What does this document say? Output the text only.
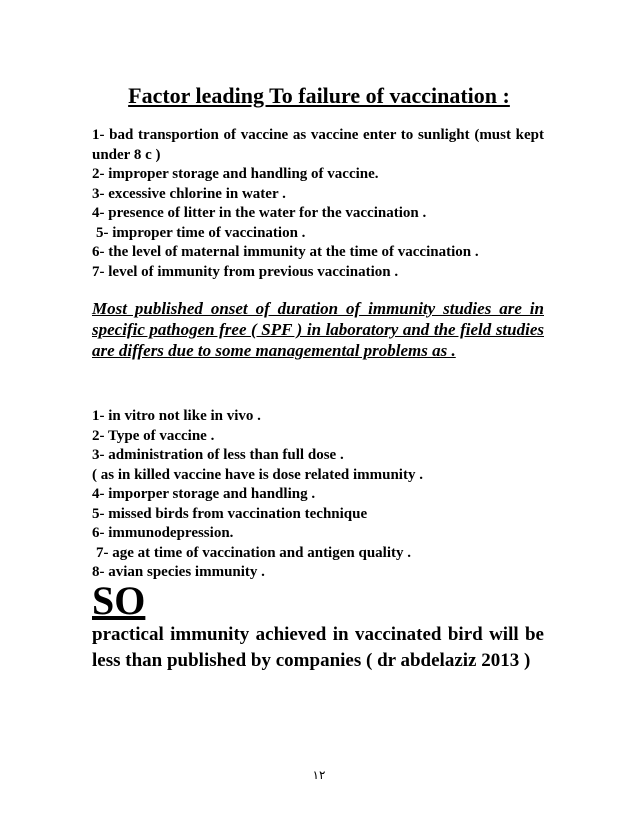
Factor leading To failure of vaccination :
1- bad transportion of vaccine as vaccine enter to sunlight (must kept under 8 c )
2- improper storage and handling of vaccine.
3- excessive chlorine in water .
4- presence of litter in the water for the vaccination .
5- improper time of vaccination .
6- the level of maternal immunity at the time of vaccination .
7- level of immunity from previous vaccination .

Most published onset of duration of immunity studies are in specific pathogen free ( SPF ) in laboratory and the field studies are differs due to some managemental problems as .

1- in vitro not like in vivo .
2- Type of vaccine .
3- administration of less than full dose .
( as in killed vaccine have is dose related immunity .
4- imporper storage and handling .
5- missed birds from vaccination technique
6- immunodepression.
7- age at time of vaccination and antigen quality .
8- avian species immunity .
SO

practical immunity achieved in vaccinated bird will be less than published by companies ( dr abdelaziz 2013 )

١٢
